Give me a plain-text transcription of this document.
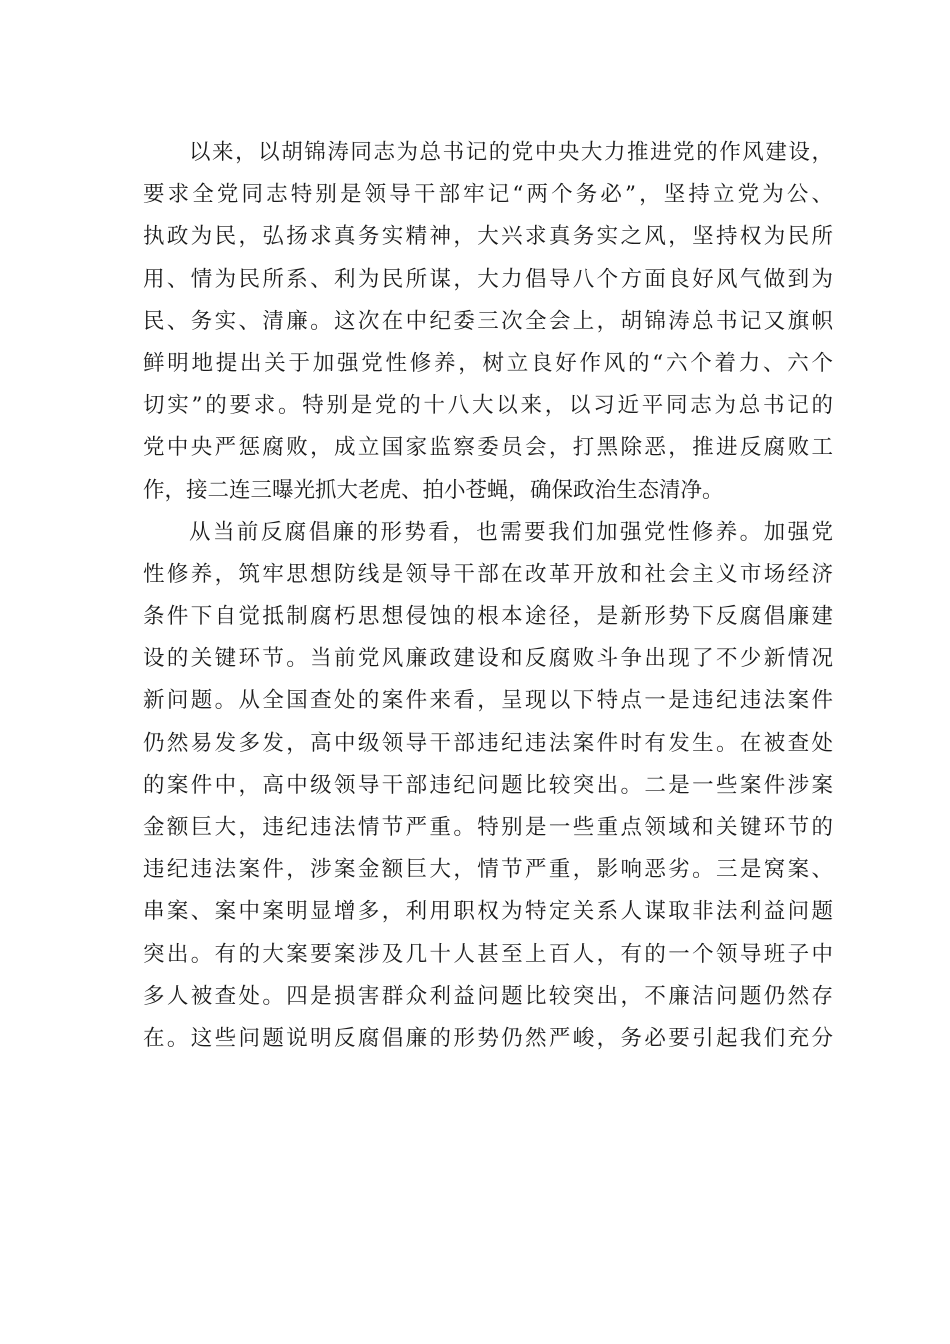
以来，以胡锦涛同志为总书记的党中央大力推进党的作风建设，
要求全党同志特别是领导干部牢记“两个务必”，坚持立党为公、
执政为民，弘扬求真务实精神，大兴求真务实之风，坚持权为民所
用、情为民所系、利为民所谋，大力倡导八个方面良好风气做到为
民、务实、清廉。这次在中纪委三次全会上，胡锦涛总书记又旗帜
鲜明地提出关于加强党性修养，树立良好作风的“六个着力、六个
切实”的要求。特别是党的十八大以来，以习近平同志为总书记的
党中央严惩腐败，成立国家监察委员会，打黑除恶，推进反腐败工
作，接二连三曝光抓大老虎、拍小苍蝇，确保政治生态清净。
从当前反腐倡廉的形势看，也需要我们加强党性修养。加强党
性修养，筑牢思想防线是领导干部在改革开放和社会主义市场经济
条件下自觉抵制腐朽思想侵蚀的根本途径，是新形势下反腐倡廉建
设的关键环节。当前党风廉政建设和反腐败斗争出现了不少新情况
新问题。从全国查处的案件来看，呈现以下特点一是违纪违法案件
仍然易发多发，高中级领导干部违纪违法案件时有发生。在被查处
的案件中，高中级领导干部违纪问题比较突出。二是一些案件涉案
金额巨大，违纪违法情节严重。特别是一些重点领域和关键环节的
违纪违法案件，涉案金额巨大，情节严重，影响恶劣。三是窝案、
串案、案中案明显增多，利用职权为特定关系人谋取非法利益问题
突出。有的大案要案涉及几十人甚至上百人，有的一个领导班子中
多人被查处。四是损害群众利益问题比较突出，不廉洁问题仍然存
在。这些问题说明反腐倡廉的形势仍然严峻，务必要引起我们充分
